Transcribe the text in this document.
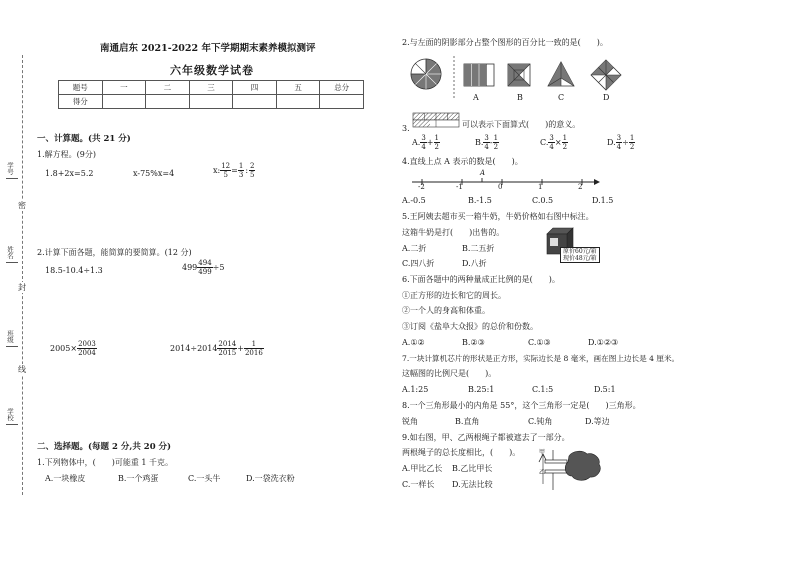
学号
姓名
班级
学校
密
封
线
南通启东 2021-2022 年下学期期末素养模拟测评
六年级数学试卷
题号	一	二	三	四	五	总分
得分						
一、计算题。(共 21 分)
1.解方程。(9分)
1.8+2x=5.2	x-75%x=4	x: $\frac{12}{5} = \frac{1}{3}$ : $\frac{2}{5}$
2.计算下面各题，能简算的要简算。(12 分)
18.5-10.4÷1.3	$499 \frac{494}{499} \div 5$
$2005\times \frac{2003}{2004}$	$2014\div 2014 \frac{2014}{2015} + \frac{1}{2016}$
二、选择题。(每题 2 分,共 20 分)
1.下列物体中，(　　)可能重 1 千克。
A.一块橡皮	B.一个鸡蛋	C.一头牛	D.一袋洗衣粉
2.与左面的阴影部分占整个图形的百分比一致的是(　　)。
A	B	C	D
3.	可以表示下面算式(　　)的意义。
A. $\frac{3}{4} + \frac{1}{2}$	B. $\frac{3}{4} - \frac{1}{2}$	C. $\frac{3}{4} \times \frac{1}{2}$	D. $\frac{3}{4} \div \frac{1}{2}$
4.直线上点 A 表示的数是(　　)。
A
-2	-1	0	1	2
A.-0.5	B.-1.5	C.0.5	D.1.5
5.王阿姨去超市买一箱牛奶，牛奶价格如右图中标注。
这箱牛奶是打(　　)出售的。
A.二折	B.二五折
C.四八折	D.八折
原价60元/箱
现价48元/箱
6.下面各题中的两种量成正比例的是(　　)。
①正方形的边长和它的周长。
②一个人的身高和体重。
③订阅《盐阜大众报》的总价和份数。
A.①②	B.②③	C.①③	D.①②③
7.一块计算机芯片的形状是正方形，实际边长是 8 毫米，画在图上边长是 4 厘米。
这幅图的比例尺是(　　)。
A.1:25	B.25:1	C.1:5	D.5:1
8.一个三角形最小的内角是 55°，这个三角形一定是(　　)三角形。
锐角	B.直角	C.钝角	D.等边
9.如右图，甲、乙两根绳子都被遮去了一部分。
两根绳子的总长度相比，(　　)。
A.甲比乙长 B.乙比甲长
C.一样长 D.无法比较
甲
乙
